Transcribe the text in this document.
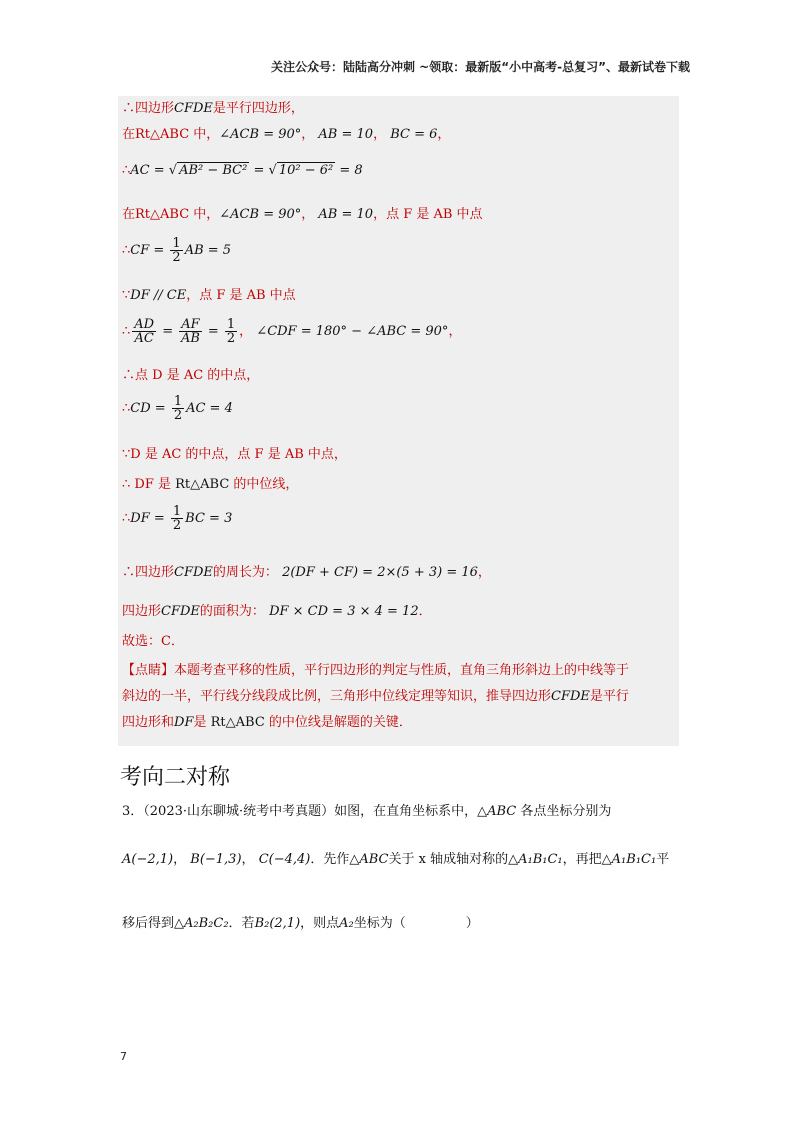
关注公众号：陆陆高分冲刺 ~领取：最新版“小中高考-总复习”、最新试卷下载
∴四边形CFDE是平行四边形，
在Rt△ABC 中，∠ACB = 90°， AB = 10， BC = 6，
∴AC = √ AB² − BC² = √ 10² − 6² = 8
在Rt△ABC 中，∠ACB = 90°， AB = 10，点 F 是 AB 中点
∴CF = $\frac{1}{2}$ AB = 5
∵DF // CE，点 F 是 AB 中点
∴ $\frac{AD}{AC} = \frac{AF}{AB} = \frac{1}{2}$ ， ∠CDF = 180° − ∠ABC = 90°，
∴点 D 是 AC 的中点，
∴CD = $\frac{1}{2}$ AC = 4
∵D 是 AC 的中点，点 F 是 AB 中点，
∴ DF 是 Rt△ABC 的中位线，
∴DF = $\frac{1}{2}$ BC = 3
∴四边形CFDE的周长为： 2(DF + CF) = 2×(5 + 3) = 16，
四边形CFDE的面积为： DF × CD = 3 × 4 = 12．
故选：C．
【点睛】本题考查平移的性质，平行四边形的判定与性质，直角三角形斜边上的中线等于
斜边的一半，平行线分线段成比例，三角形中位线定理等知识，推导四边形CFDE是平行
四边形和DF是 Rt△ABC 的中位线是解题的关键．
考向二对称
3．（2023·山东聊城·统考中考真题）如图，在直角坐标系中，△ABC 各点坐标分别为
A(−2,1)， B(−1,3)， C(−4,4)．先作△ABC关于 x 轴成轴对称的△A₁B₁C₁，再把△A₁B₁C₁平
移后得到△A₂B₂C₂．若B₂(2,1)，则点A₂坐标为（	）
7
